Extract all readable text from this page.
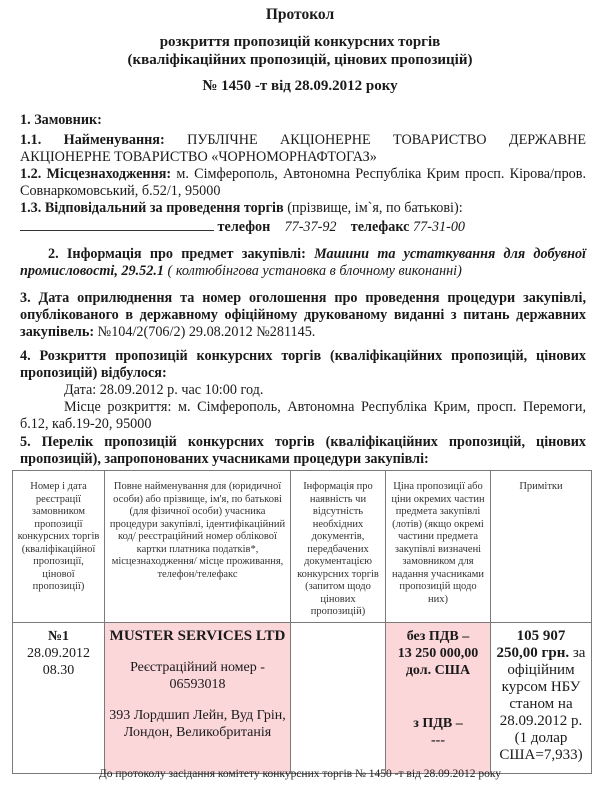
Протокол
розкриття пропозицій конкурсних торгів
(кваліфікаційних пропозицій, цінових пропозицій)
№ 1450 -т від 28.09.2012 року
1. Замовник:
1.1. Найменування: ПУБЛІЧНЕ АКЦІОНЕРНЕ ТОВАРИСТВО ДЕРЖАВНЕ АКЦІОНЕРНЕ ТОВАРИСТВО «ЧОРНОМОРНАФТОГАЗ»
1.2. Місцезнаходження: м. Сімферополь, Автономна Республіка Крим просп. Кірова/пров. Совнаркомовський, б.52/1, 95000
1.3. Відповідальний за проведення торгів (прізвище, ім`я, по батькові):
телефон 77-37-92 телефакс 77-31-00
2. Інформація про предмет закупівлі: Машини та устаткування для добувної промисловості, 29.52.1 ( колтюбінгова установка в блочному виконанні)
3. Дата оприлюднення та номер оголошення про проведення процедури закупівлі, опублікованого в державному офіційному друкованому виданні з питань державних закупівель: №104/2(706/2) 29.08.2012 №281145.
4. Розкриття пропозицій конкурсних торгів (кваліфікаційних пропозицій, цінових пропозицій) відбулося:
Дата: 28.09.2012 р. час 10:00 год.
Місце розкриття: м. Сімферополь, Автономна Республіка Крим, просп. Перемоги, б.12, каб.19-20, 95000
5. Перелік пропозицій конкурсних торгів (кваліфікаційних пропозицій, цінових пропозицій), запропонованих учасниками процедури закупівлі:
Номер і дата реєстрації замовником пропозиції конкурсних торгів (кваліфікаційної пропозиції, цінової пропозиції)	Повне найменування для (юридичної особи) або прізвище, ім'я, по батькові (для фізичної особи) учасника процедури закупівлі, ідентифікаційний код/ реєстраційний номер облікової картки платника податків*, місцезнаходження/ місце проживання, телефон/телефакс	Інформація про наявність чи відсутність необхідних документів, передбачених документацією конкурсних торгів (запитом щодо цінових пропозицій)	Ціна пропозиції або ціни окремих частин предмета закупівлі (лотів) (якщо окремі частини предмета закупівлі визначені замовником для надання учасниками пропозицій щодо них)	Примітки
№1
28.09.2012
08.30	MUSTER SERVICES LTD
Реєстраційний номер - 06593018
393 Лордшип Лейн, Вуд Грін, Лондон, Великобританія		без ПДВ –
13 250 000,00 дол. США
з ПДВ –
---	105 907 250,00 грн. за офіційним курсом НБУ станом на 28.09.2012 р. (1 долар США=7,933)
До протоколу засідання комітету конкурсних торгів № 1450 -т від 28.09.2012 року
